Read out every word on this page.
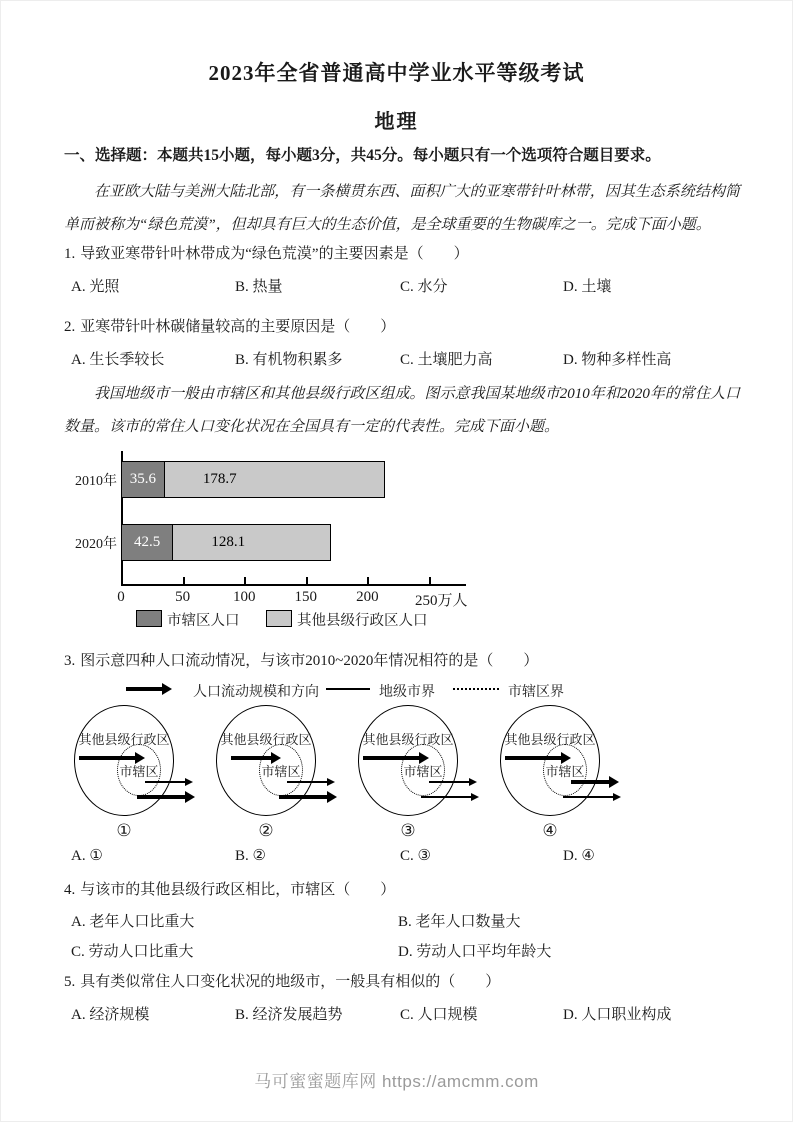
2023年全省普通高中学业水平等级考试
地理
一、选择题：本题共15小题，每小题3分，共45分。每小题只有一个选项符合题目要求。

在亚欧大陆与美洲大陆北部，有一条横贯东西、面积广大的亚寒带针叶林带，因其生态系统结构简单而被称为“绿色荒漠”，但却具有巨大的生态价值，是全球重要的生物碳库之一。完成下面小题。

1. 导致亚寒带针叶林带成为“绿色荒漠”的主要因素是（　　）
A. 光照	B. 热量	C. 水分	D. 土壤
2. 亚寒带针叶林碳储量较高的主要原因是（　　）
A. 生长季较长	B. 有机物积累多	C. 土壤肥力高	D. 物种多样性高

我国地级市一般由市辖区和其他县级行政区组成。图示意我国某地级市2010年和2020年的常住人口数量。该市的常住人口变化状况在全国具有一定的代表性。完成下面小题。

2010年 35.6	178.7
2020年	42.5	128.1
0	50	100	150	200	250万人
市辖区人口	其他县级行政区人口
3. 图示意四种人口流动情况，与该市2010~2020年情况相符的是（　　）
人口流动规模和方向	地级市界	市辖区界
其他县级行政区
市辖区
①
其他县级行政区
市辖区
②
其他县级行政区
市辖区
③
其他县级行政区
市辖区
④
A. ①	B. ②	C. ③	D. ④
4. 与该市的其他县级行政区相比，市辖区（　　）
A. 老年人口比重大	B. 老年人口数量大
C. 劳动人口比重大	D. 劳动人口平均年龄大
5. 具有类似常住人口变化状况的地级市，一般具有相似的（　　）
A. 经济规模	B. 经济发展趋势	C. 人口规模	D. 人口职业构成
马可蜜蜜题库网 https://amcmm.com
